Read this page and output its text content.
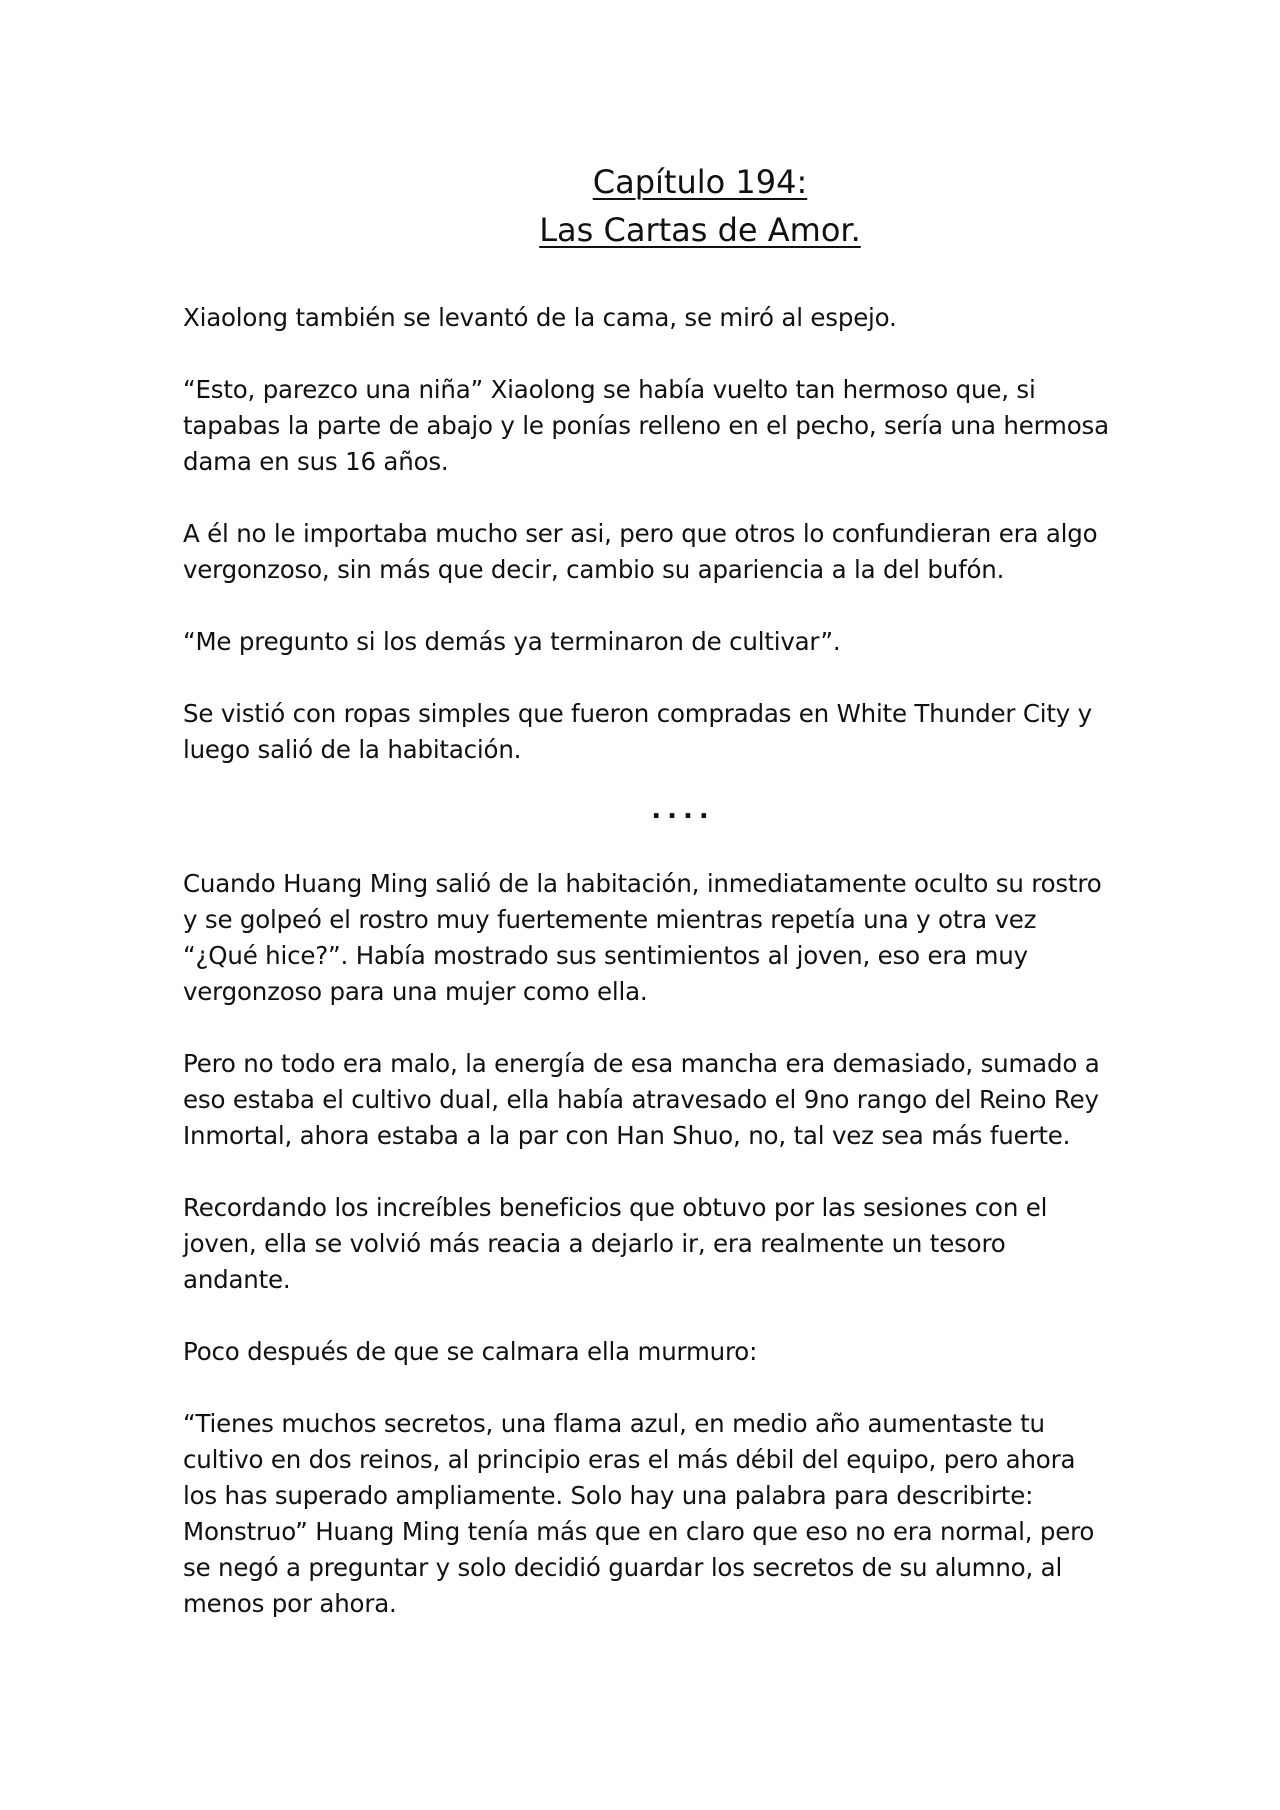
Capítulo 194:
Las Cartas de Amor.

Xiaolong también se levantó de la cama, se miró al espejo.

“Esto, parezco una niña” Xiaolong se había vuelto tan hermoso que, si tapabas la parte de abajo y le ponías relleno en el pecho, sería una hermosa dama en sus 16 años.

A él no le importaba mucho ser asi, pero que otros lo confundieran era algo vergonzoso, sin más que decir, cambio su apariencia a la del bufón.

“Me pregunto si los demás ya terminaron de cultivar”.

Se vistió con ropas simples que fueron compradas en White Thunder City y luego salió de la habitación.

....

Cuando Huang Ming salió de la habitación, inmediatamente oculto su rostro y se golpeó el rostro muy fuertemente mientras repetía una y otra vez “¿Qué hice?”. Había mostrado sus sentimientos al joven, eso era muy vergonzoso para una mujer como ella.

Pero no todo era malo, la energía de esa mancha era demasiado, sumado a eso estaba el cultivo dual, ella había atravesado el 9no rango del Reino Rey Inmortal, ahora estaba a la par con Han Shuo, no, tal vez sea más fuerte.

Recordando los increíbles beneficios que obtuvo por las sesiones con el joven, ella se volvió más reacia a dejarlo ir, era realmente un tesoro andante.

Poco después de que se calmara ella murmuro:

“Tienes muchos secretos, una flama azul, en medio año aumentaste tu cultivo en dos reinos, al principio eras el más débil del equipo, pero ahora los has superado ampliamente. Solo hay una palabra para describirte: Monstruo” Huang Ming tenía más que en claro que eso no era normal, pero se negó a preguntar y solo decidió guardar los secretos de su alumno, al menos por ahora.
